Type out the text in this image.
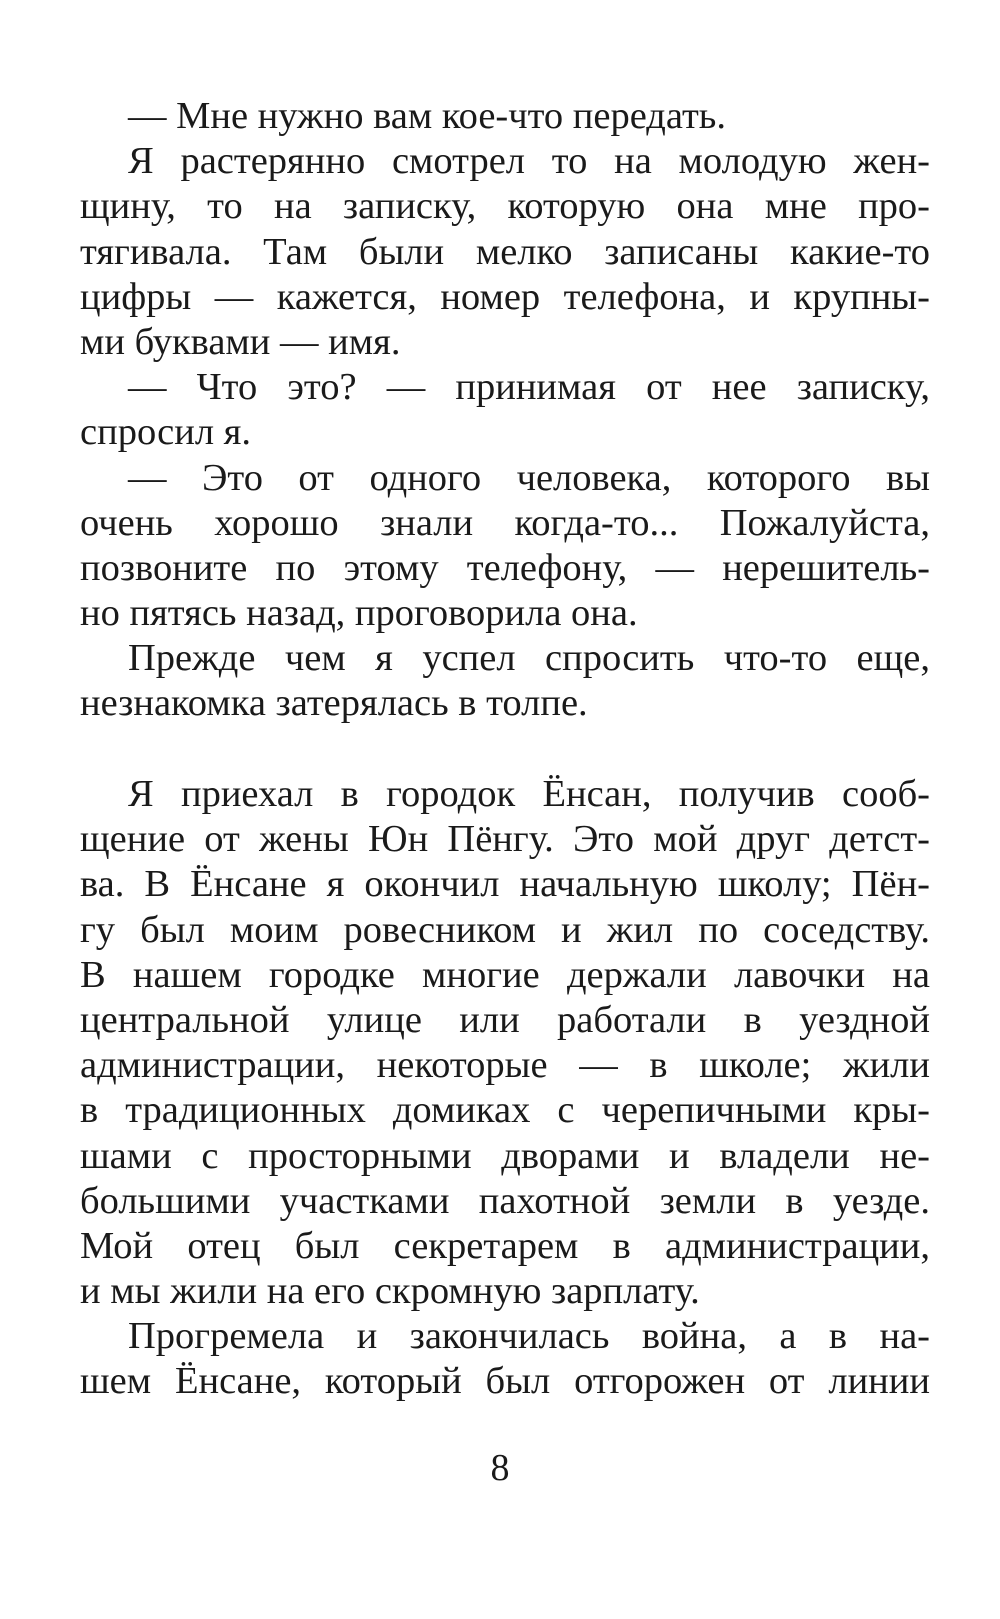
— Мне нужно вам кое-что передать.
Я растерянно смотрел то на молодую жен-
щину, то на записку, которую она мне про-
тягивала. Там были мелко записаны какие-то
цифры — кажется, номер телефона, и крупны-
ми буквами — имя.
— Что это? — принимая от нее записку,
спросил я.
— Это от одного человека, которого вы
очень хорошо знали когда-то... Пожалуйста,
позвоните по этому телефону, — нерешитель-
но пятясь назад, проговорила она.
Прежде чем я успел спросить что-то еще,
незнакомка затерялась в толпе.
Я приехал в городок Ёнсан, получив сооб-
щение от жены Юн Пёнгу. Это мой друг детст-
ва. В Ёнсане я окончил начальную школу; Пён-
гу был моим ровесником и жил по соседству.
В нашем городке многие держали лавочки на
центральной улице или работали в уездной
администрации, некоторые — в школе; жили
в традиционных домиках с черепичными кры-
шами с просторными дворами и владели не-
большими участками пахотной земли в уезде.
Мой отец был секретарем в администрации,
и мы жили на его скромную зарплату.
Прогремела и закончилась война, а в на-
шем Ёнсане, который был отгорожен от линии
8
